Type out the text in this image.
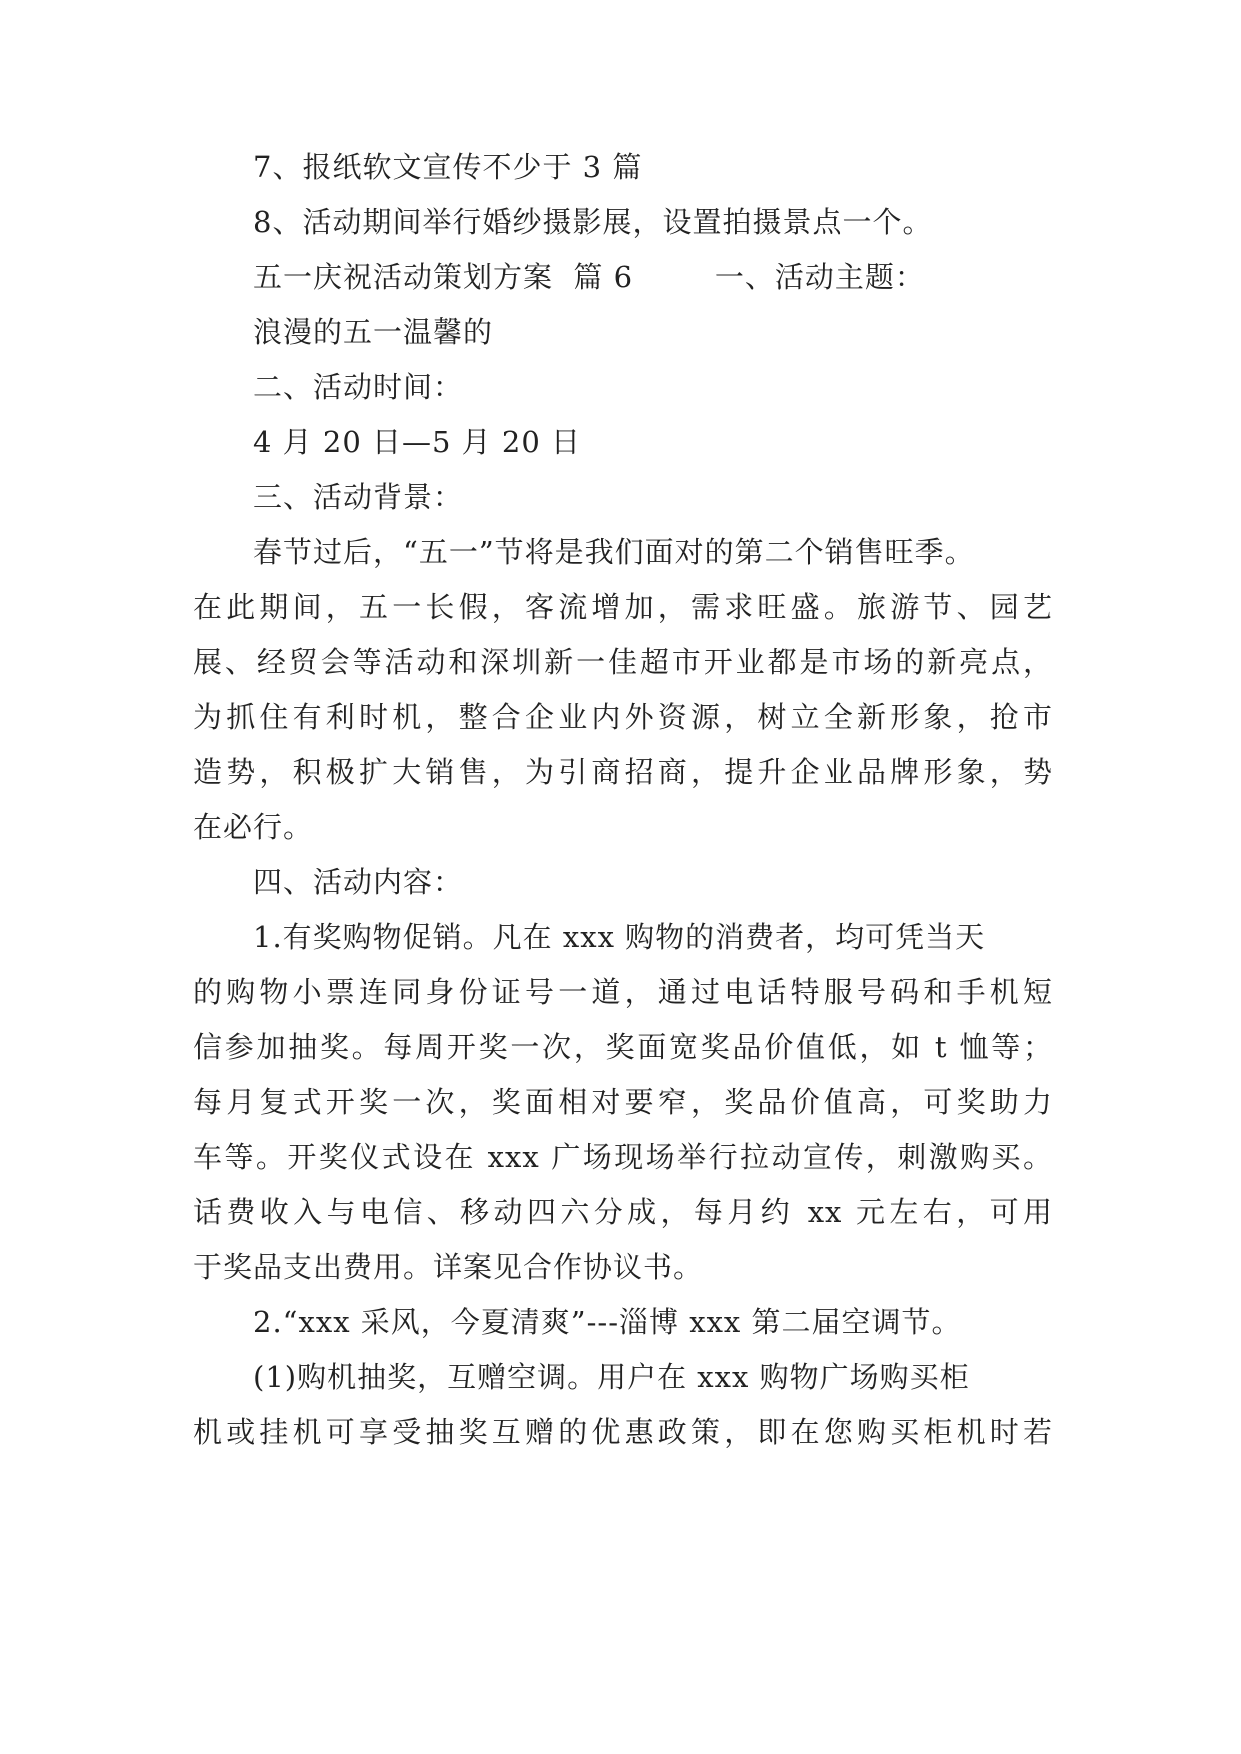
7、报纸软文宣传不少于 3 篇
8、活动期间举行婚纱摄影展，设置拍摄景点一个。
五一庆祝活动策划方案  篇 6        一、活动主题：
浪漫的五一温馨的
二、活动时间：
4 月 20 日—5 月 20 日
三、活动背景：
春节过后，“五一”节将是我们面对的第二个销售旺季。
在此期间，五一长假，客流增加，需求旺盛。旅游节、园艺
展、经贸会等活动和深圳新一佳超市开业都是市场的新亮点，
为抓住有利时机，整合企业内外资源，树立全新形象，抢市
造势，积极扩大销售，为引商招商，提升企业品牌形象，势
在必行。
四、活动内容：
1.有奖购物促销。凡在 xxx 购物的消费者，均可凭当天
的购物小票连同身份证号一道，通过电话特服号码和手机短
信参加抽奖。每周开奖一次，奖面宽奖品价值低，如 t 恤等；
每月复式开奖一次，奖面相对要窄，奖品价值高，可奖助力
车等。开奖仪式设在 xxx 广场现场举行拉动宣传，刺激购买。
话费收入与电信、移动四六分成，每月约 xx 元左右，可用
于奖品支出费用。详案见合作协议书。
2.“xxx 采风，今夏清爽”---淄博 xxx 第二届空调节。
(1)购机抽奖，互赠空调。用户在 xxx 购物广场购买柜
机或挂机可享受抽奖互赠的优惠政策，即在您购买柜机时若
